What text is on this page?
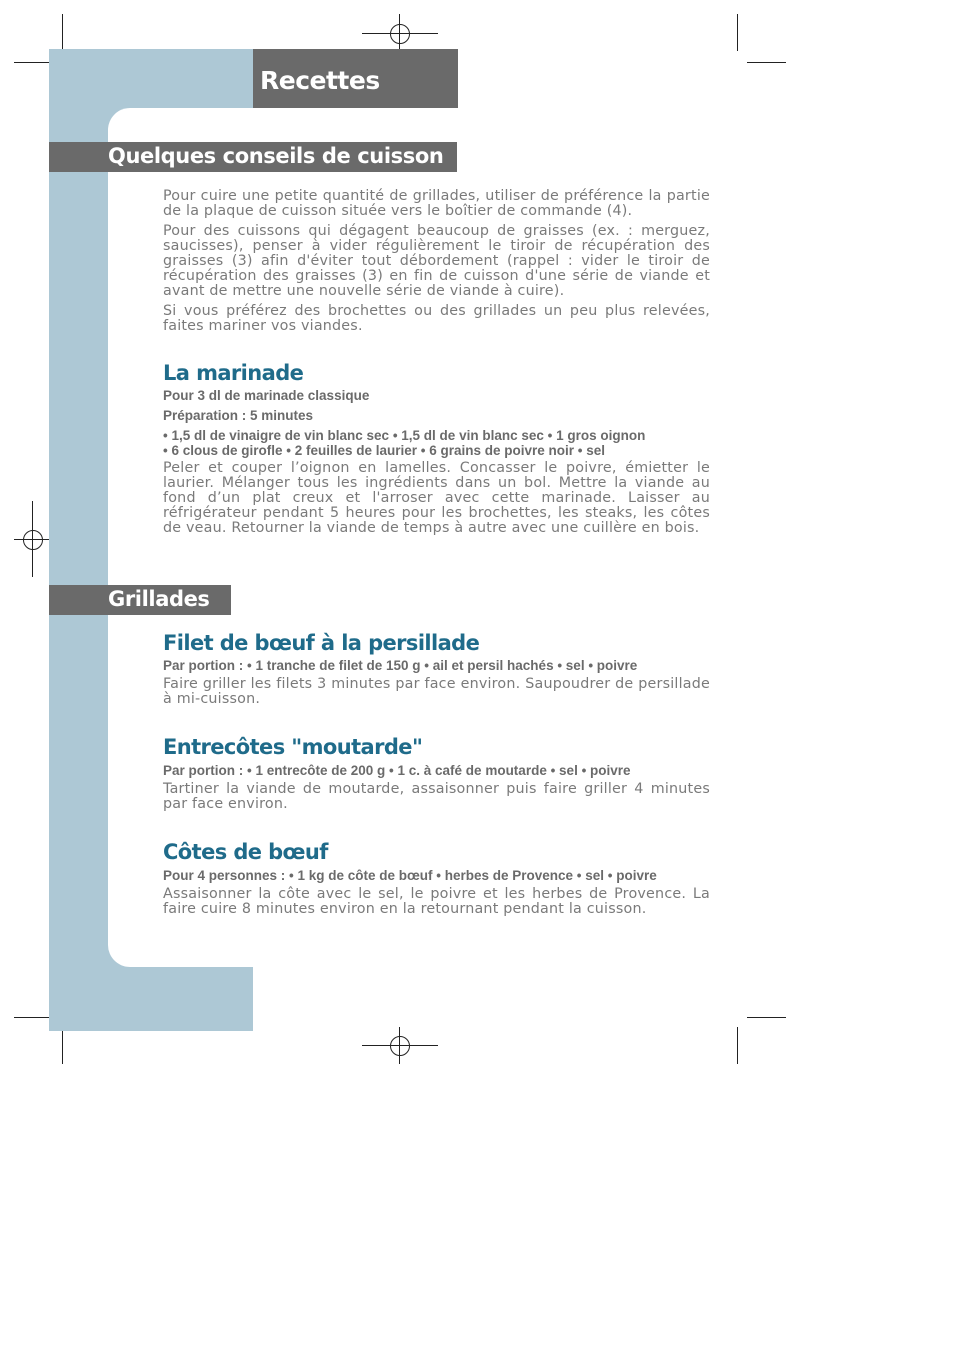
Recettes
Quelques conseils de cuisson

Pour cuire une petite quantité de grillades, utiliser de préférence la partie de la plaque de cuisson située vers le boîtier de commande (4).

Pour des cuissons qui dégagent beaucoup de graisses (ex. : merguez, saucisses), penser à vider régulièrement le tiroir de récupération des graisses (3) afin d'éviter tout débordement (rappel : vider le tiroir de récupération des graisses (3) en fin de cuisson d'une série de viande et avant de mettre une nouvelle série de viande à cuire).

Si vous préférez des brochettes ou des grillades un peu plus relevées, faites mariner vos viandes.

La marinade

Pour 3 dl de marinade classique

Préparation : 5 minutes

• 1,5 dl de vinaigre de vin blanc sec • 1,5 dl de vin blanc sec • 1 gros oignon

• 6 clous de girofle • 2 feuilles de laurier • 6 grains de poivre noir • sel

Peler et couper l’oignon en lamelles. Concasser le poivre, émietter le laurier. Mélanger tous les ingrédients dans un bol. Mettre la viande au fond d’un plat creux et l'arroser avec cette marinade. Laisser au réfrigérateur pendant 5 heures pour les brochettes, les steaks, les côtes de veau. Retourner la viande de temps à autre avec une cuillère en bois.

Grillades
Filet de bœuf à la persillade

Par portion : • 1 tranche de filet de 150 g • ail et persil hachés • sel • poivre

Faire griller les filets 3 minutes par face environ. Saupoudrer de persillade à mi-cuisson.

Entrecôtes "moutarde"

Par portion : • 1 entrecôte de 200 g • 1 c. à café de moutarde • sel • poivre

Tartiner la viande de moutarde, assaisonner puis faire griller 4 minutes par face environ.

Côtes de bœuf

Pour 4 personnes : • 1 kg de côte de bœuf • herbes de Provence • sel • poivre

Assaisonner la côte avec le sel, le poivre et les herbes de Provence. La faire cuire 8 minutes environ en la retournant pendant la cuisson.
